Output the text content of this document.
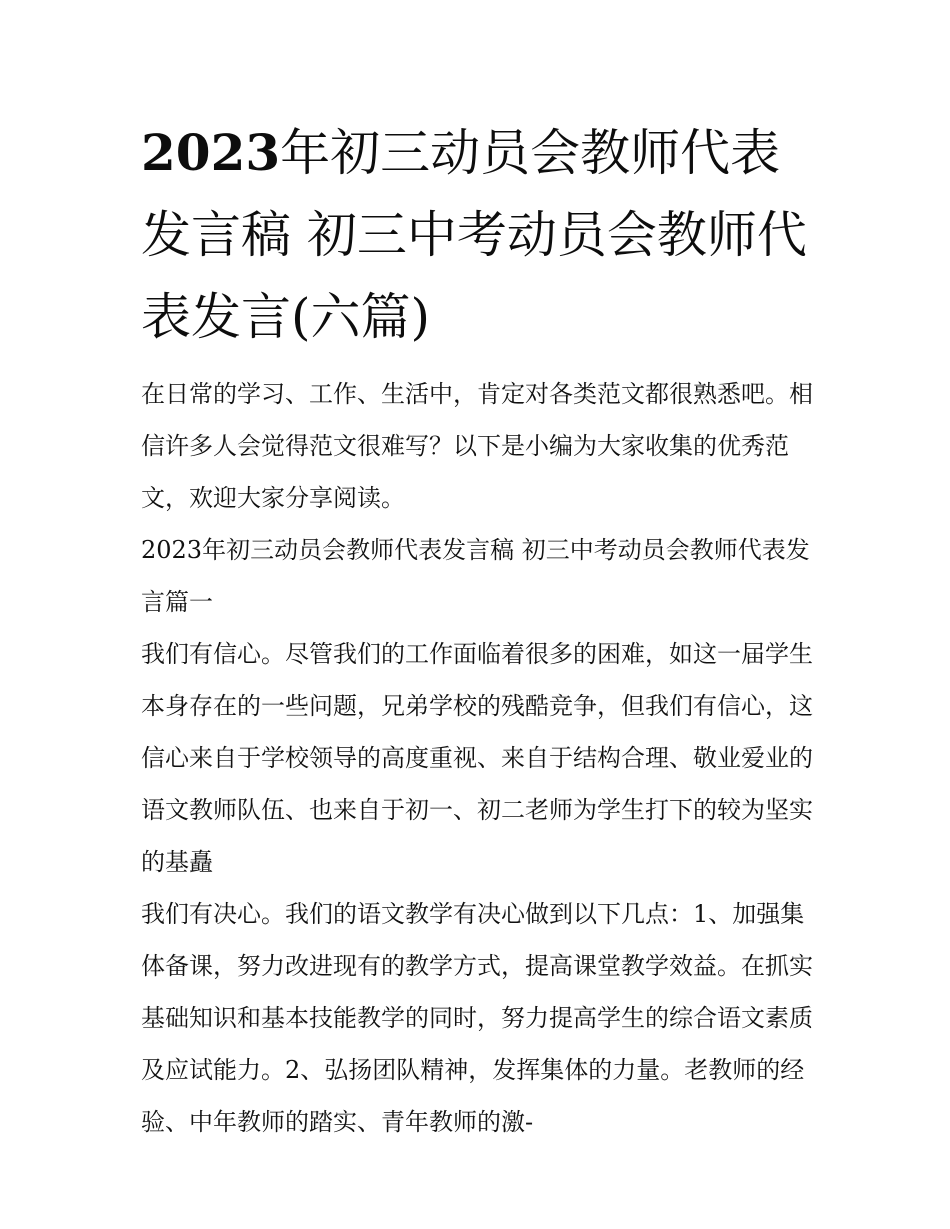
2023年初三动员会教师代表发言稿 初三中考动员会教师代表发言(六篇)

在日常的学习、工作、生活中，肯定对各类范文都很熟悉吧。相信许多人会觉得范文很难写？以下是小编为大家收集的优秀范文，欢迎大家分享阅读。

2023年初三动员会教师代表发言稿 初三中考动员会教师代表发言篇一

我们有信心。尽管我们的工作面临着很多的困难，如这一届学生本身存在的一些问题，兄弟学校的残酷竞争，但我们有信心，这信心来自于学校领导的高度重视、来自于结构合理、敬业爱业的语文教师队伍、也来自于初一、初二老师为学生打下的较为坚实的基矗

我们有决心。我们的语文教学有决心做到以下几点：1、加强集体备课，努力改进现有的教学方式，提高课堂教学效益。在抓实基础知识和基本技能教学的同时，努力提高学生的综合语文素质及应试能力。2、弘扬团队精神，发挥集体的力量。老教师的经验、中年教师的踏实、青年教师的激-
